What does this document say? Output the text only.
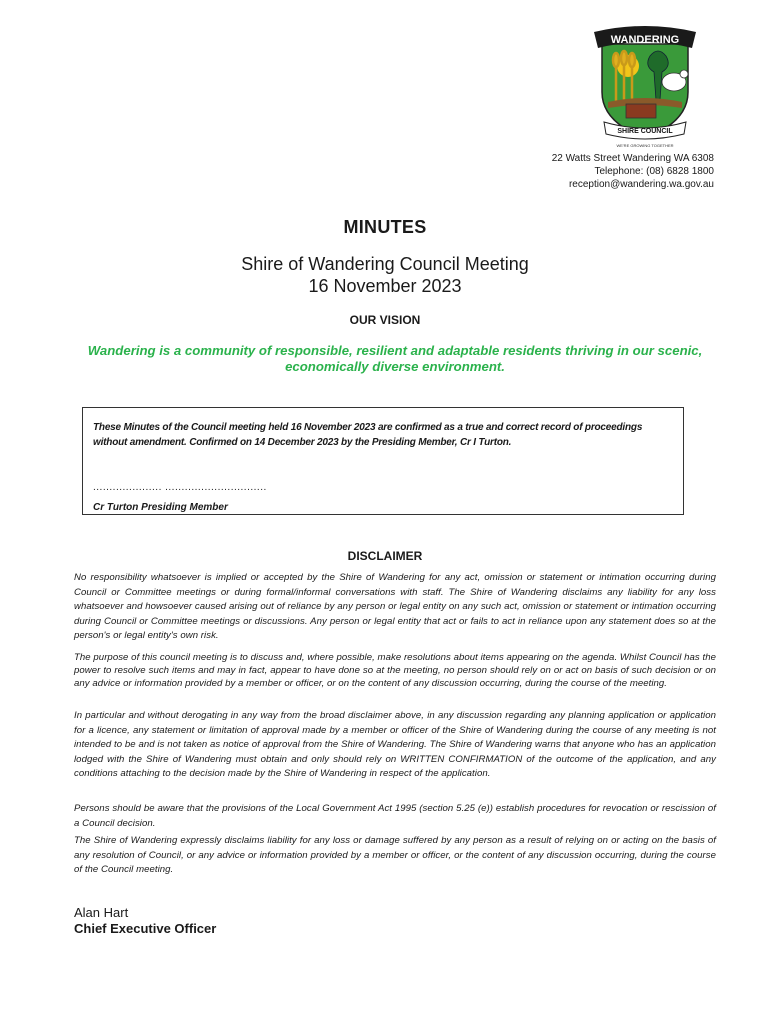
WANDERING
SHIRE COUNCIL
WE'RE GROWING TOGETHER
22 Watts Street Wandering WA 6308
Telephone: (08) 6828 1800
reception@wandering.wa.gov.au
MINUTES
Shire of Wandering Council Meeting
16 November 2023
OUR VISION
Wandering is a community of responsible, resilient and adaptable residents thriving in our scenic, economically diverse environment.
These Minutes of the Council meeting held 16 November 2023 are confirmed as a true and correct record of proceedings without amendment. Confirmed on 14 December 2023 by the Presiding Member, Cr I Turton.
..................... ...............................
Cr Turton Presiding Member
DISCLAIMER
No responsibility whatsoever is implied or accepted by the Shire of Wandering for any act, omission or statement or intimation occurring during Council or Committee meetings or during formal/informal conversations with staff. The Shire of Wandering disclaims any liability for any loss whatsoever and howsoever caused arising out of reliance by any person or legal entity on any such act, omission or statement or intimation occurring during Council or Committee meetings or discussions. Any person or legal entity that act or fails to act in reliance upon any statement does so at the person's or legal entity's own risk.
The purpose of this council meeting is to discuss and, where possible, make resolutions about items appearing on the agenda. Whilst Council has the power to resolve such items and may in fact, appear to have done so at the meeting, no person should rely on or act on basis of such decision or on any advice or information provided by a member or officer, or on the content of any discussion occurring, during the course of the meeting.
In particular and without derogating in any way from the broad disclaimer above, in any discussion regarding any planning application or application for a licence, any statement or limitation of approval made by a member or officer of the Shire of Wandering during the course of any meeting is not intended to be and is not taken as notice of approval from the Shire of Wandering. The Shire of Wandering warns that anyone who has an application lodged with the Shire of Wandering must obtain and only should rely on WRITTEN CONFIRMATION of the outcome of the application, and any conditions attaching to the decision made by the Shire of Wandering in respect of the application.
Persons should be aware that the provisions of the Local Government Act 1995 (section 5.25 (e)) establish procedures for revocation or rescission of a Council decision.
The Shire of Wandering expressly disclaims liability for any loss or damage suffered by any person as a result of relying on or acting on the basis of any resolution of Council, or any advice or information provided by a member or officer, or the content of any discussion occurring, during the course of the Council meeting.
Alan Hart
Chief Executive Officer
